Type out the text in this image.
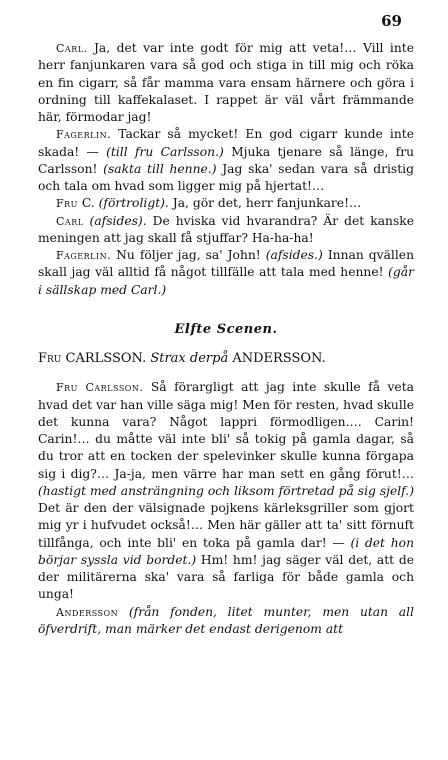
69

Carl. Ja, det var inte godt för mig att veta!… Vill inte herr fanjunkaren vara så god och stiga in till mig och röka en fin cigarr, så får mamma vara ensam härnere och göra i ordning till kaffekalaset. I rappet är väl vårt främmande här, förmodar jag!

Fagerlin. Tackar så mycket! En god cigarr kunde inte skada! — (till fru Carlsson.) Mjuka tjenare så länge, fru Carlsson! (sakta till henne.) Jag ska' sedan vara så dristig och tala om hvad som ligger mig på hjertat!…

Fru C. (förtroligt). Ja, gör det, herr fanjunkare!…

Carl (afsides). De hviska vid hvarandra? Är det kanske meningen att jag skall få stjuffar? Ha-ha-ha!

Fagerlin. Nu följer jag, sa' John! (afsides.) Innan qvällen skall jag väl alltid få något tillfälle att tala med henne! (går i sällskap med Carl.)

Elfte Scenen.

Fru CARLSSON. Strax derpå ANDERSSON.

Fru Carlsson. Så förargligt att jag inte skulle få veta hvad det var han ville säga mig! Men för resten, hvad skulle det kunna vara? Något lappri förmodligen.… Carin! Carin!… du måtte väl inte bli' så tokig på gamla dagar, så du tror att en tocken der spelevinker skulle kunna förgapa sig i dig?… Ja-ja, men värre har man sett en gång förut!… (hastigt med ansträngning och liksom förtretad på sig sjelf.) Det är den der välsignade pojkens kärleksgriller som gjort mig yr i hufvudet också!… Men här gäller att ta' sitt förnuft tillfånga, och inte bli' en toka på gamla dar! — (i det hon börjar syssla vid bordet.) Hm! hm! jag säger väl det, att de der militärerna ska' vara så farliga för både gamla och unga!

Andersson (från fonden, litet munter, men utan all öfverdrift, man märker det endast derigenom att
